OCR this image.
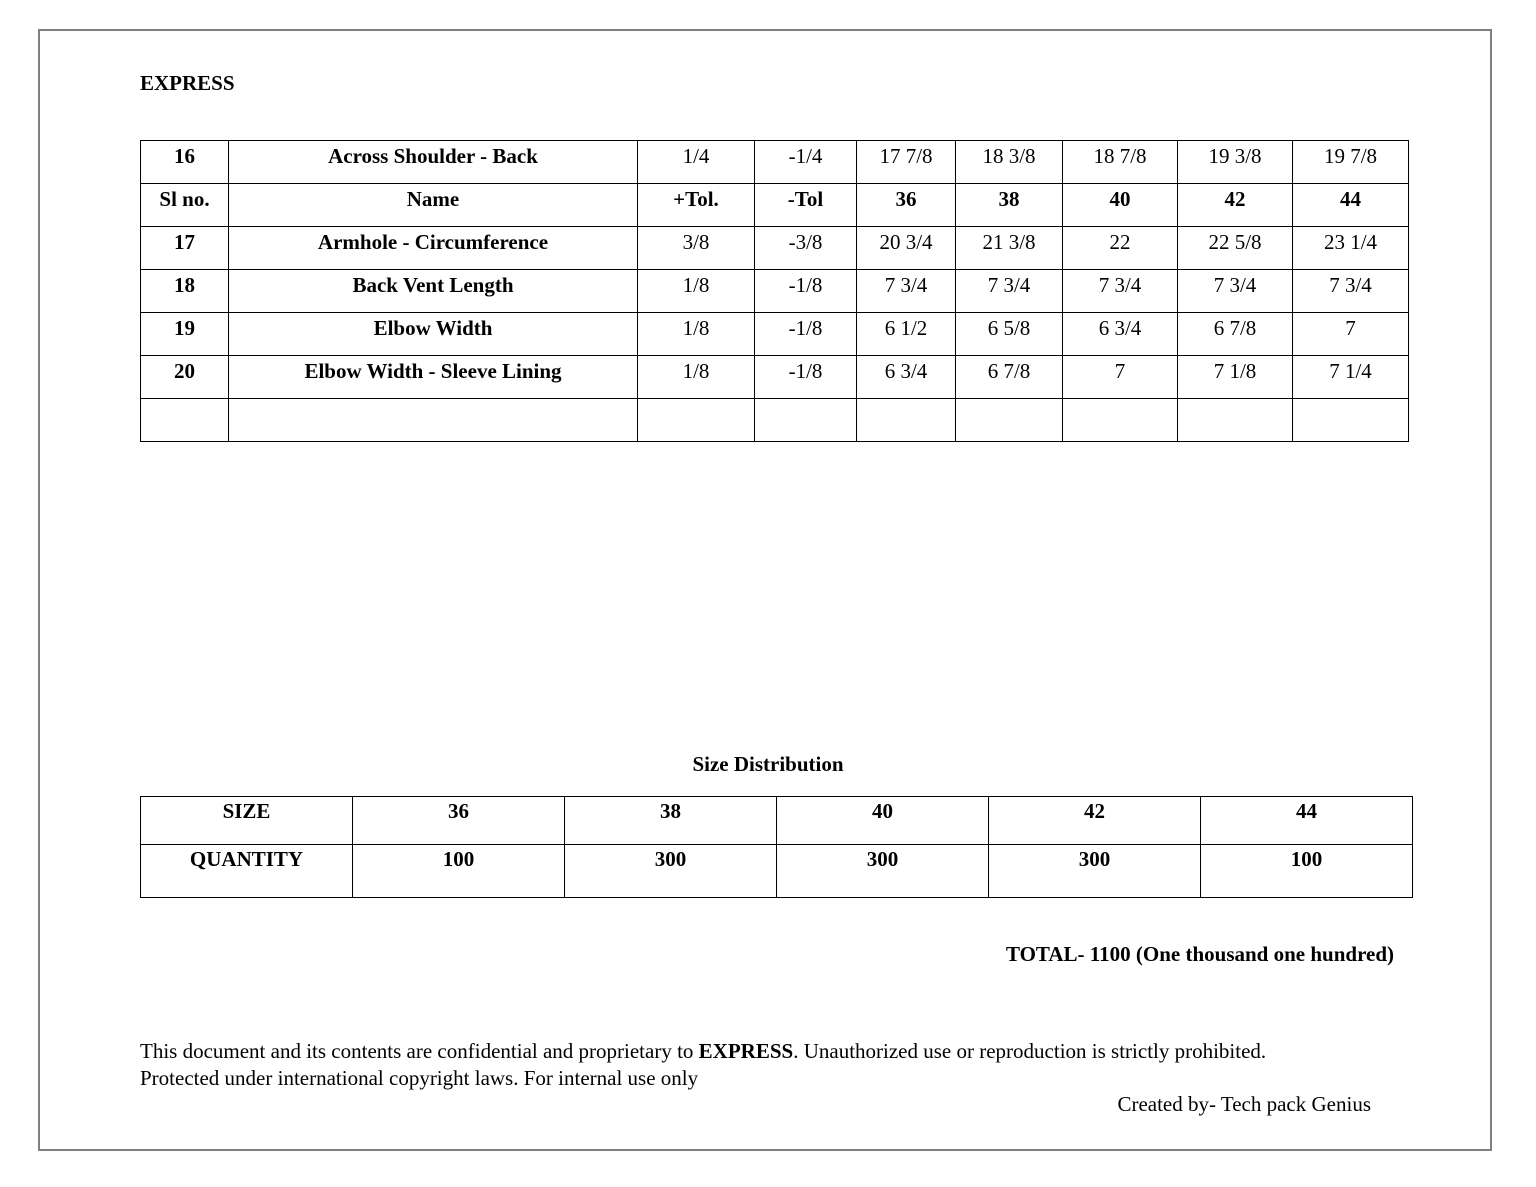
EXPRESS
16	Across Shoulder - Back	1/4	-1/4	17 7/8	18 3/8	18 7/8	19 3/8	19 7/8
Sl no.	Name	+Tol.	-Tol	36	38	40	42	44
17	Armhole - Circumference	3/8	-3/8	20 3/4	21 3/8	22	22 5/8	23 1/4
18	Back Vent Length	1/8	-1/8	7 3/4	7 3/4	7 3/4	7 3/4	7 3/4
19	Elbow Width	1/8	-1/8	6 1/2	6 5/8	6 3/4	6 7/8	7
20	Elbow Width - Sleeve Lining	1/8	-1/8	6 3/4	6 7/8	7	7 1/8	7 1/4

Size Distribution
SIZE	36	38	40	42	44
QUANTITY	100	300	300	300	100
TOTAL- 1100 (One thousand one hundred)
This document and its contents are confidential and proprietary to EXPRESS. Unauthorized use or reproduction is strictly prohibited.
Protected under international copyright laws. For internal use only
Created by- Tech pack Genius
